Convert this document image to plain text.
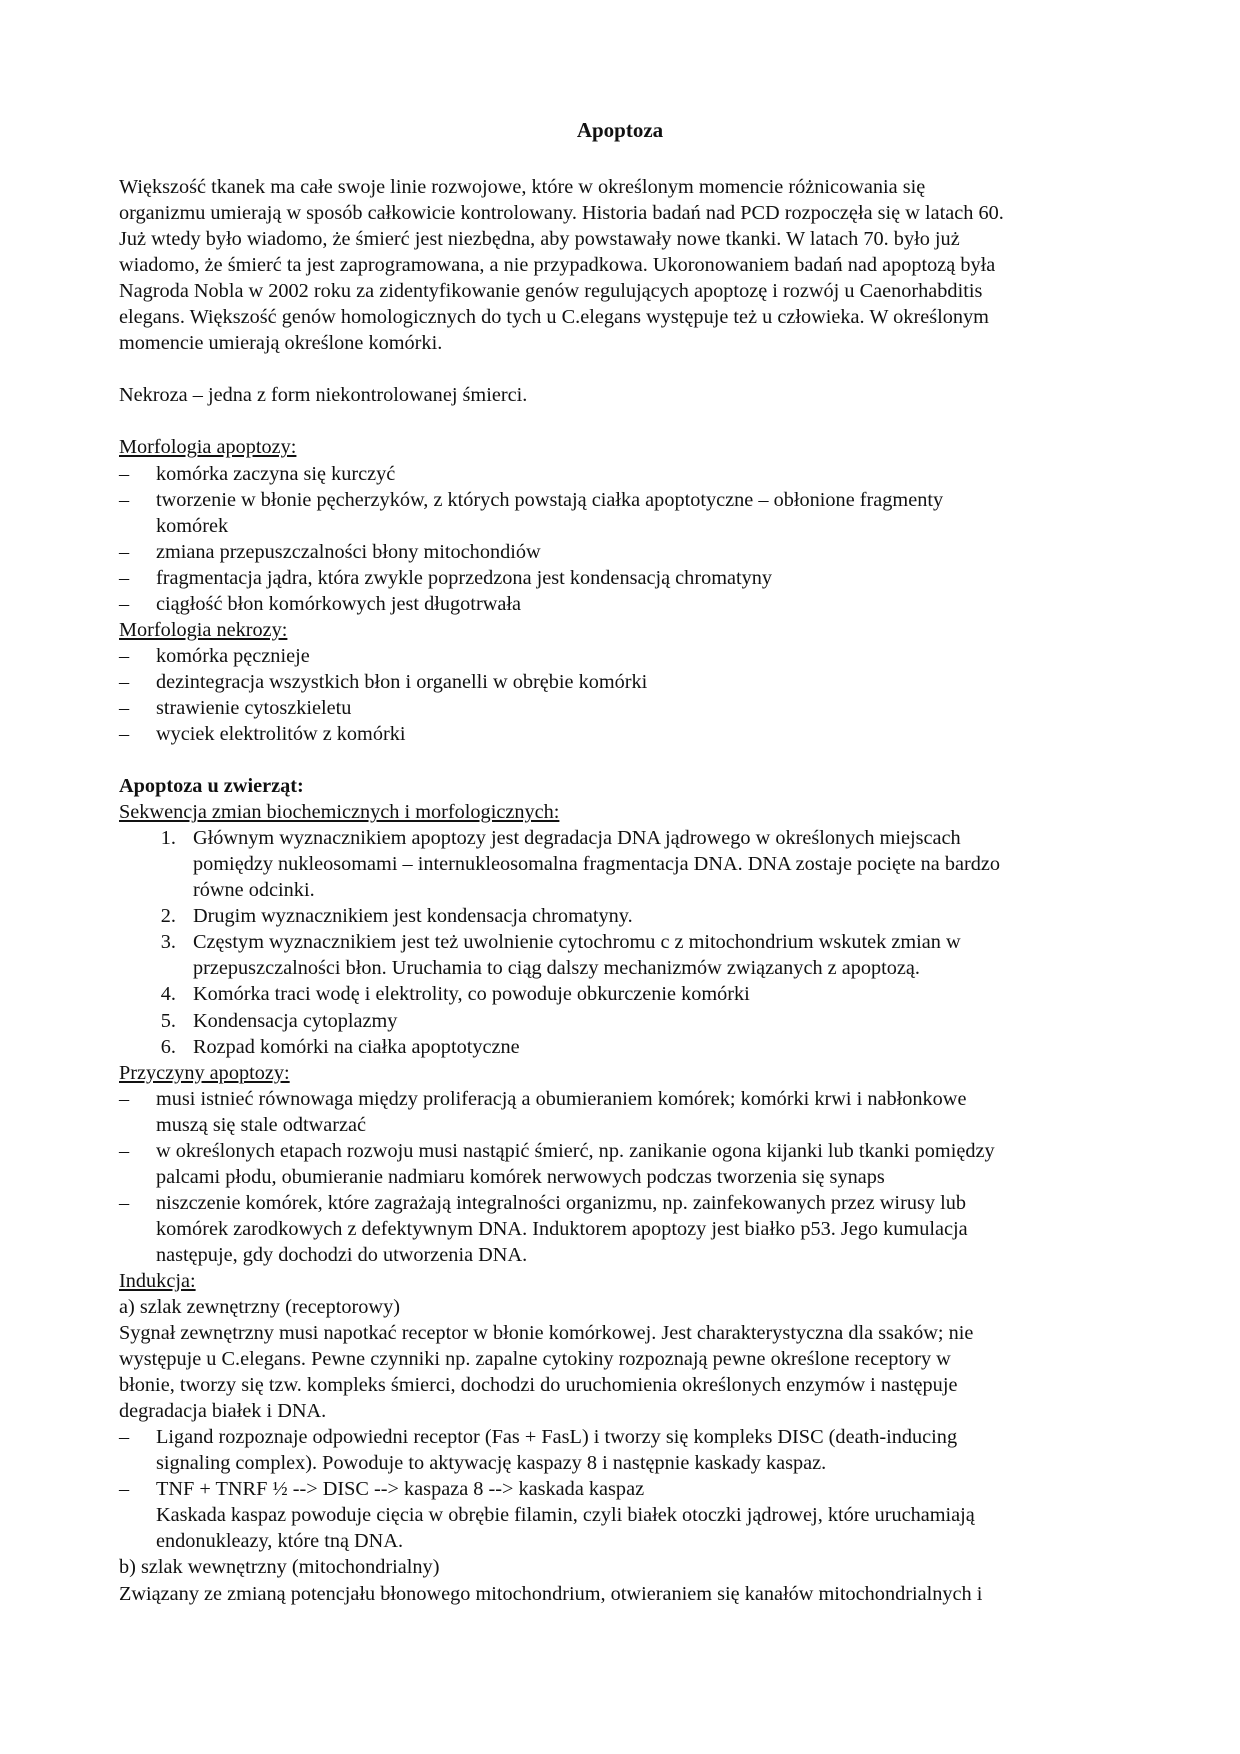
Apoptoza
Większość tkanek ma całe swoje linie rozwojowe, które w określonym momencie różnicowania się
organizmu umierają w sposób całkowicie kontrolowany. Historia badań nad PCD rozpoczęła się w latach 60.
Już wtedy było wiadomo, że śmierć jest niezbędna, aby powstawały nowe tkanki. W latach 70. było już
wiadomo, że śmierć ta jest zaprogramowana, a nie przypadkowa. Ukoronowaniem badań nad apoptozą była
Nagroda Nobla w 2002 roku za zidentyfikowanie genów regulujących apoptozę i rozwój u Caenorhabditis
elegans. Większość genów homologicznych do tych u C.elegans występuje też u człowieka. W określonym
momencie umierają określone komórki.
Nekroza – jedna z form niekontrolowanej śmierci.
Morfologia apoptozy:
– komórka zaczyna się kurczyć
– tworzenie w błonie pęcherzyków, z których powstają ciałka apoptotyczne – obłonione fragmenty
komórek
– zmiana przepuszczalności błony mitochondiów
– fragmentacja jądra, która zwykle poprzedzona jest kondensacją chromatyny
– ciągłość błon komórkowych jest długotrwała
Morfologia nekrozy:
– komórka pęcznieje
– dezintegracja wszystkich błon i organelli w obrębie komórki
– strawienie cytoszkieletu
– wyciek elektrolitów z komórki
Apoptoza u zwierząt:
Sekwencja zmian biochemicznych i morfologicznych:
1. Głównym wyznacznikiem apoptozy jest degradacja DNA jądrowego w określonych miejscach
pomiędzy nukleosomami – internukleosomalna fragmentacja DNA. DNA zostaje pocięte na bardzo
równe odcinki.
2. Drugim wyznacznikiem jest kondensacja chromatyny.
3. Częstym wyznacznikiem jest też uwolnienie cytochromu c z mitochondrium wskutek zmian w
przepuszczalności błon. Uruchamia to ciąg dalszy mechanizmów związanych z apoptozą.
4. Komórka traci wodę i elektrolity, co powoduje obkurczenie komórki
5. Kondensacja cytoplazmy
6. Rozpad komórki na ciałka apoptotyczne
Przyczyny apoptozy:
– musi istnieć równowaga między proliferacją a obumieraniem komórek; komórki krwi i nabłonkowe
muszą się stale odtwarzać
– w określonych etapach rozwoju musi nastąpić śmierć, np. zanikanie ogona kijanki lub tkanki pomiędzy
palcami płodu, obumieranie nadmiaru komórek nerwowych podczas tworzenia się synaps
– niszczenie komórek, które zagrażają integralności organizmu, np. zainfekowanych przez wirusy lub
komórek zarodkowych z defektywnym DNA. Induktorem apoptozy jest białko p53. Jego kumulacja
następuje, gdy dochodzi do utworzenia DNA.
Indukcja:
a) szlak zewnętrzny (receptorowy)
Sygnał zewnętrzny musi napotkać receptor w błonie komórkowej. Jest charakterystyczna dla ssaków; nie
występuje u C.elegans. Pewne czynniki np. zapalne cytokiny rozpoznają pewne określone receptory w
błonie, tworzy się tzw. kompleks śmierci, dochodzi do uruchomienia określonych enzymów i następuje
degradacja białek i DNA.
– Ligand rozpoznaje odpowiedni receptor (Fas + FasL) i tworzy się kompleks DISC (death-inducing
signaling complex). Powoduje to aktywację kaspazy 8 i następnie kaskady kaspaz.
– TNF + TNRF ½ --> DISC --> kaspaza 8 --> kaskada kaspaz
Kaskada kaspaz powoduje cięcia w obrębie filamin, czyli białek otoczki jądrowej, które uruchamiają
endonukleazy, które tną DNA.
b) szlak wewnętrzny (mitochondrialny)
Związany ze zmianą potencjału błonowego mitochondrium, otwieraniem się kanałów mitochondrialnych i
